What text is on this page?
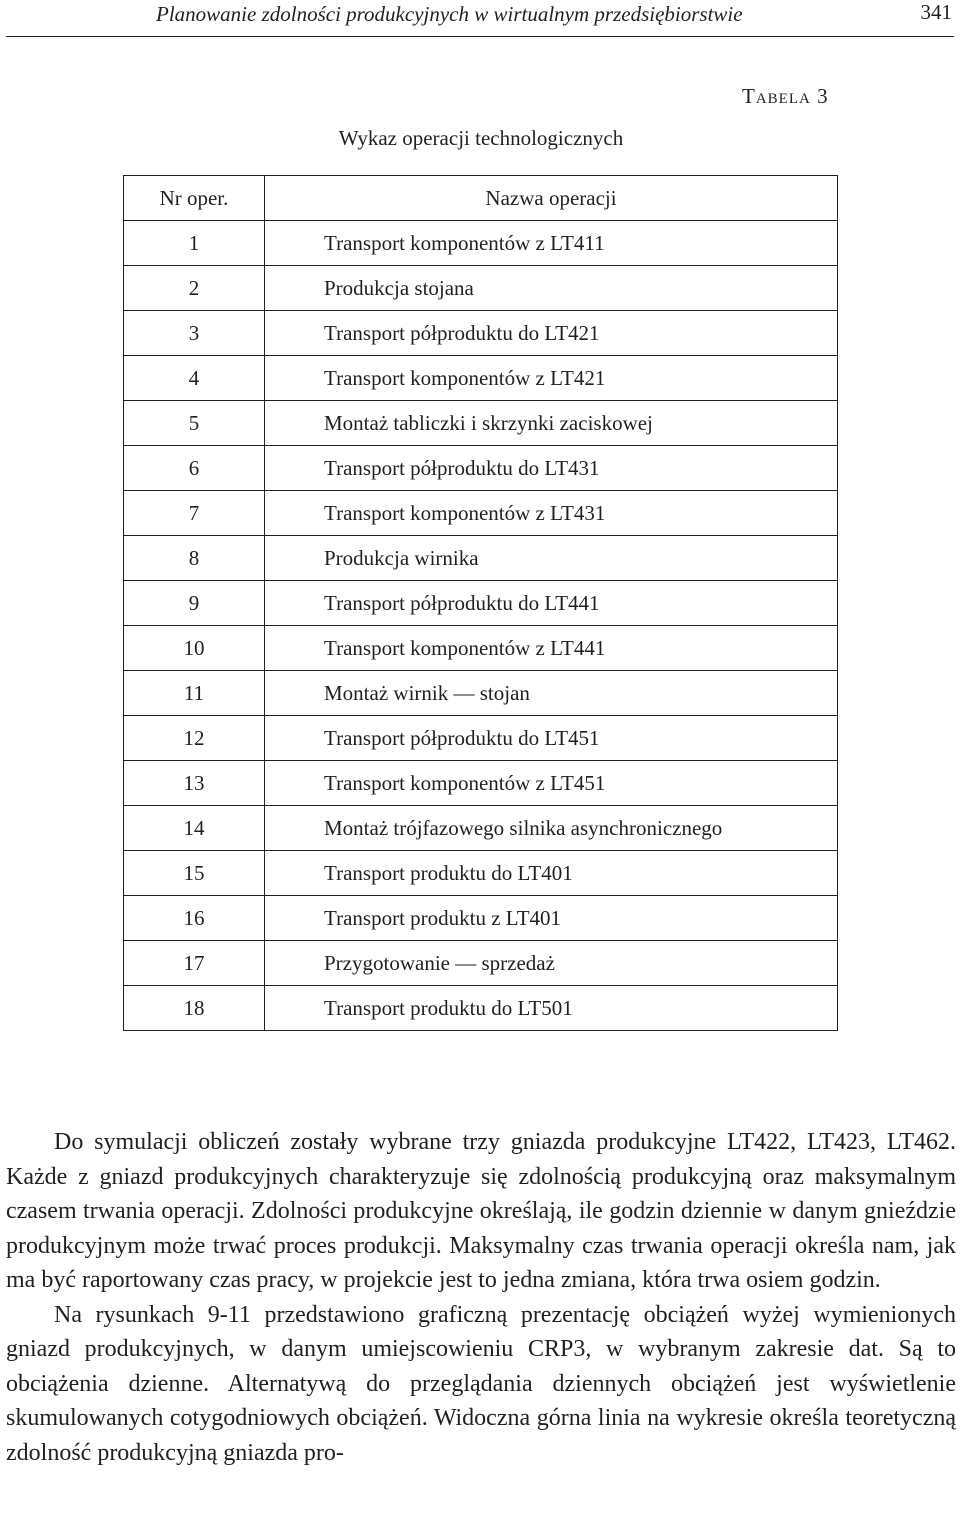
Planowanie zdolności produkcyjnych w wirtualnym przedsiębiorstwie	341
Tabela 3
Wykaz operacji technologicznych
Nr oper.	Nazwa operacji
1	Transport komponentów z LT411
2	Produkcja stojana
3	Transport półproduktu do LT421
4	Transport komponentów z LT421
5	Montaż tabliczki i skrzynki zaciskowej
6	Transport półproduktu do LT431
7	Transport komponentów z LT431
8	Produkcja wirnika
9	Transport półproduktu do LT441
10	Transport komponentów z LT441
11	Montaż wirnik — stojan
12	Transport półproduktu do LT451
13	Transport komponentów z LT451
14	Montaż trójfazowego silnika asynchronicznego
15	Transport produktu do LT401
16	Transport produktu z LT401
17	Przygotowanie — sprzedaż
18	Transport produktu do LT501

Do symulacji obliczeń zostały wybrane trzy gniazda produkcyjne LT422, LT423, LT462. Każde z gniazd produkcyjnych charakteryzuje się zdolnością produkcyjną oraz maksymalnym czasem trwania operacji. Zdolności produkcyjne określają, ile godzin dziennie w danym gnieździe produkcyjnym może trwać proces produkcji. Maksymalny czas trwania operacji określa nam, jak ma być raportowany czas pracy, w projekcie jest to jedna zmiana, która trwa osiem godzin.

Na rysunkach 9-11 przedstawiono graficzną prezentację obciążeń wyżej wymienionych gniazd produkcyjnych, w danym umiejscowieniu CRP3, w wybranym zakresie dat. Są to obciążenia dzienne. Alternatywą do przeglądania dziennych obciążeń jest wyświetlenie skumulowanych cotygodniowych obciążeń. Widoczna górna linia na wykresie określa teoretyczną zdolność produkcyjną gniazda pro-
